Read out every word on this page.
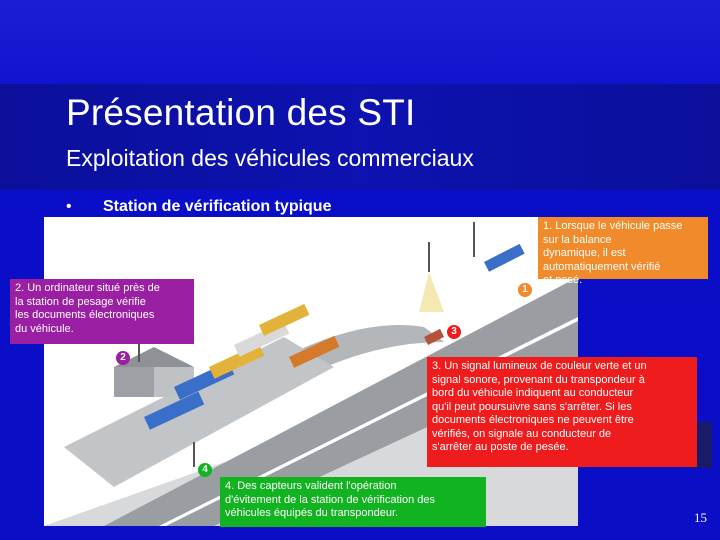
Présentation des STI
Exploitation des véhicules commerciaux
• Station de vérification typique
1
2
3
4
1. Lorsque le véhicule passe
sur la balance
dynamique, il est
automatiquement vérifié
et pesé.
2. Un ordinateur situé près de
la station de pesage vérifie
les documents électroniques
du véhicule.
3. Un signal lumineux de couleur verte et un
signal sonore, provenant du transpondeur à
bord du véhicule indiquent au conducteur
qu'il peut poursuivre sans s'arrêter. Si les
documents électroniques ne peuvent être
vérifiés, on signale au conducteur de
s'arrêter au poste de pesée.
4. Des capteurs valident l'opération
d'évitement de la station de vérification des
véhicules équipés du transpondeur.	15
